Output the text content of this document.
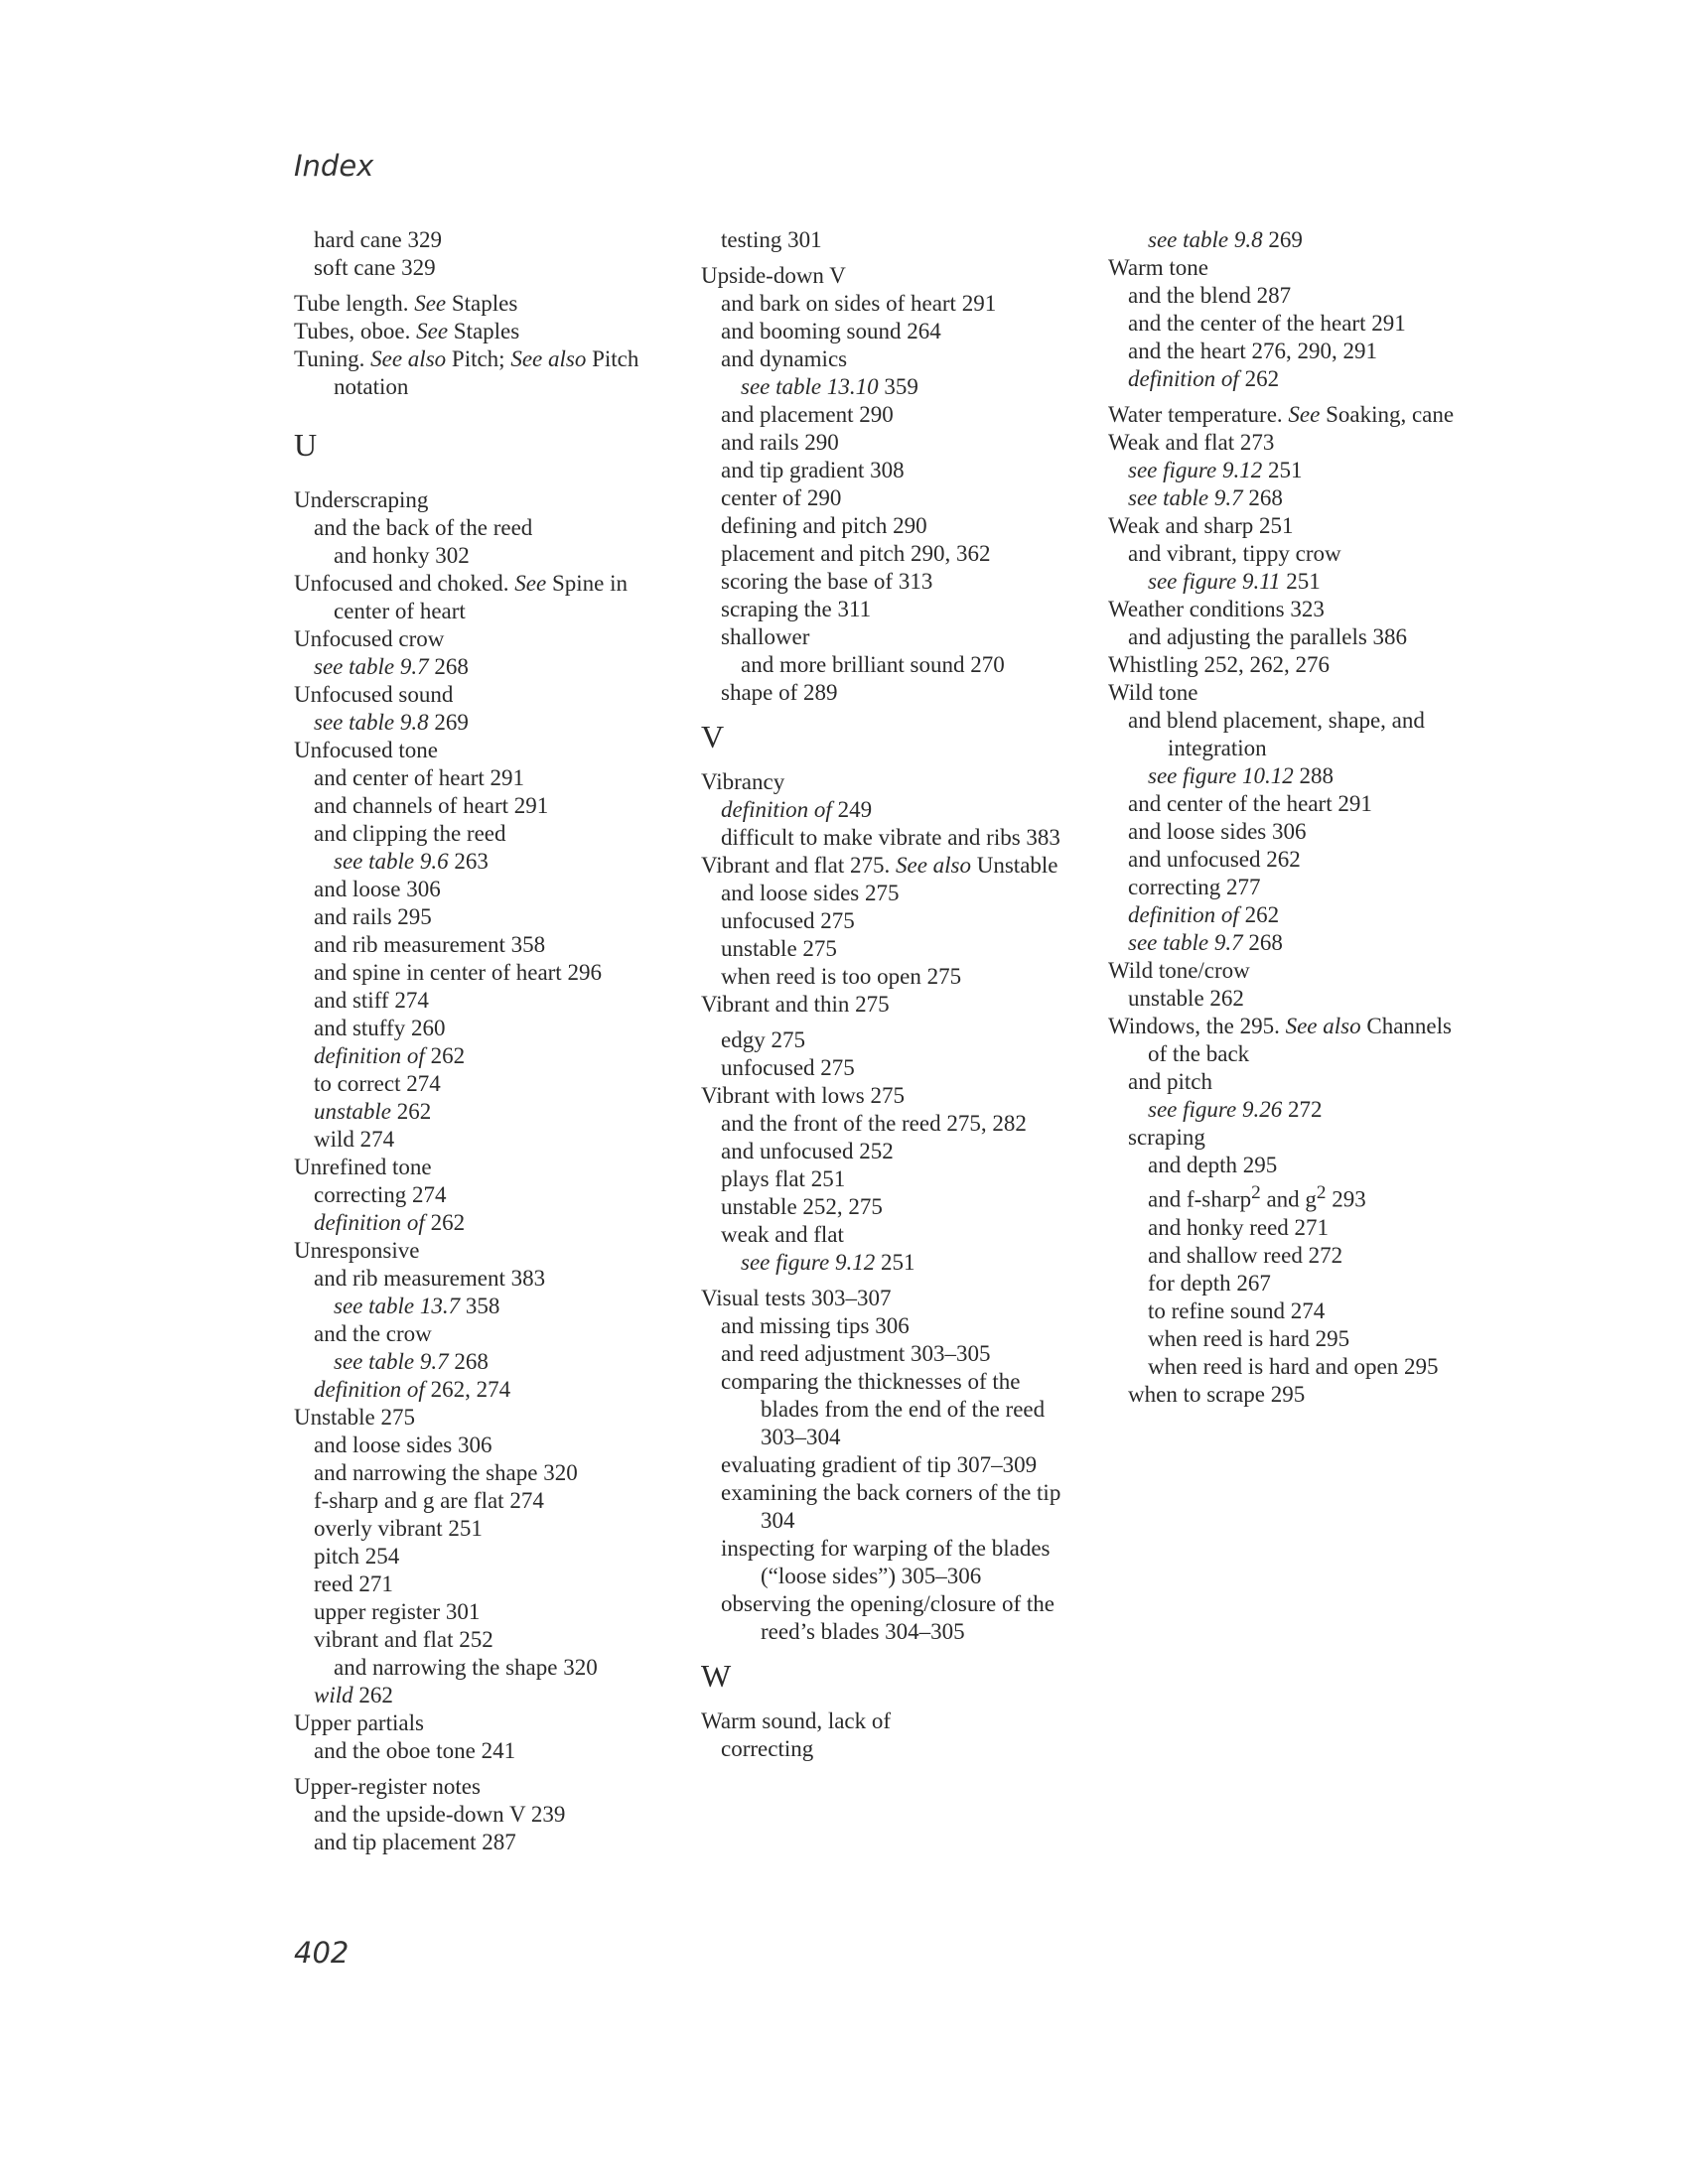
Index
hard cane 329
soft cane 329
Tube length. See Staples
Tubes, oboe. See Staples
Tuning. See also Pitch; See also Pitch notation
U
Underscraping
and the back of the reed
and honky 302
Unfocused and choked. See Spine in center of heart
Unfocused crow
see table 9.7 268
Unfocused sound
see table 9.8 269
Unfocused tone
and center of heart 291
and channels of heart 291
and clipping the reed
see table 9.6 263
and loose 306
and rails 295
and rib measurement 358
and spine in center of heart 296
and stiff 274
and stuffy 260
definition of 262
to correct 274
unstable 262
wild 274
Unrefined tone
correcting 274
definition of 262
Unresponsive
and rib measurement 383
see table 13.7 358
and the crow
see table 9.7 268
definition of 262, 274
Unstable 275
and loose sides 306
and narrowing the shape 320
f-sharp and g are flat 274
overly vibrant 251
pitch 254
reed 271
upper register 301
vibrant and flat 252
and narrowing the shape 320
wild 262
Upper partials
and the oboe tone 241
Upper-register notes
and the upside-down V 239
and tip placement 287
testing 301
Upside-down V
and bark on sides of heart 291
and booming sound 264
and dynamics
see table 13.10 359
and placement 290
and rails 290
and tip gradient 308
center of 290
defining and pitch 290
placement and pitch 290, 362
scoring the base of 313
scraping the 311
shallower
and more brilliant sound 270
shape of 289
V
Vibrancy
definition of 249
difficult to make vibrate and ribs 383
Vibrant and flat 275. See also Unstable
and loose sides 275
unfocused 275
unstable 275
when reed is too open 275
Vibrant and thin 275
edgy 275
unfocused 275
Vibrant with lows 275
and the front of the reed 275, 282
and unfocused 252
plays flat 251
unstable 252, 275
weak and flat
see figure 9.12 251
Visual tests 303–307
and missing tips 306
and reed adjustment 303–305
comparing the thicknesses of the blades from the end of the reed 303–304
evaluating gradient of tip 307–309
examining the back corners of the tip 304
inspecting for warping of the blades (“loose sides”) 305–306
observing the opening/closure of the reed’s blades 304–305
W
Warm sound, lack of
correcting
see table 9.8 269
Warm tone
and the blend 287
and the center of the heart 291
and the heart 276, 290, 291
definition of 262
Water temperature. See Soaking, cane
Weak and flat 273
see figure 9.12 251
see table 9.7 268
Weak and sharp 251
and vibrant, tippy crow
see figure 9.11 251
Weather conditions 323
and adjusting the parallels 386
Whistling 252, 262, 276
Wild tone
and blend placement, shape, and integration
see figure 10.12 288
and center of the heart 291
and loose sides 306
and unfocused 262
correcting 277
definition of 262
see table 9.7 268
Wild tone/crow
unstable 262
Windows, the 295. See also Channels of the back
and pitch
see figure 9.26 272
scraping
and depth 295
and f-sharp$^2$ and $g^2$ 293
and honky reed 271
and shallow reed 272
for depth 267
to refine sound 274
when reed is hard 295
when reed is hard and open 295
when to scrape 295
402
